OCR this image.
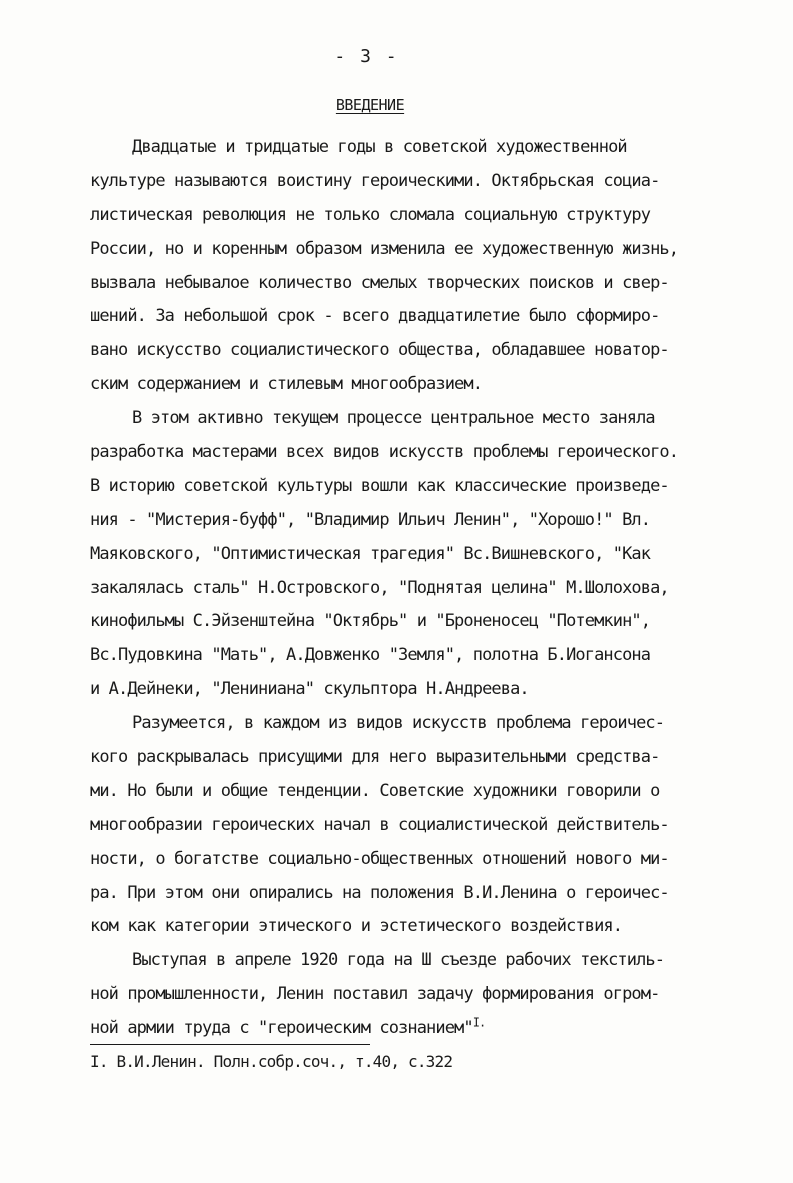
- 3 -
ВВЕДЕНИЕ
Двадцатые и тридцатые годы в советской художественной
культуре называются воистину героическими. Октябрьская социа-
листическая революция не только сломала социальную структуру
России, но и коренным образом изменила ее художественную жизнь,
вызвала небывалое количество смелых творческих поисков и свер-
шений. За небольшой срок - всего двадцатилетие было сформиро-
вано искусство социалистического общества, обладавшее новатор-
ским содержанием и стилевым многообразием.
В этом активно текущем процессе центральное место заняла
разработка мастерами всех видов искусств проблемы героического.
В историю советской культуры вошли как классические произведе-
ния - "Мистерия-буфф", "Владимир Ильич Ленин", "Хорошо!" Вл.
Маяковского, "Оптимистическая трагедия" Вс.Вишневского, "Как
закалялась сталь" Н.Островского, "Поднятая целина" М.Шолохова,
кинофильмы С.Эйзенштейна "Октябрь" и "Броненосец "Потемкин",
Вс.Пудовкина "Мать", А.Довженко "Земля", полотна Б.Иогансона
и А.Дейнеки, "Лениниана" скульптора Н.Андреева.
Разумеется, в каждом из видов искусств проблема героичес-
кого раскрывалась присущими для него выразительными средства-
ми. Но были и общие тенденции. Советские художники говорили о
многообразии героических начал в социалистической действитель-
ности, о богатстве социально-общественных отношений нового ми-
ра. При этом они опирались на положения В.И.Ленина о героичес-
ком как категории этического и эстетического воздействия.
Выступая в апреле 1920 года на Ш съезде рабочих текстиль-
ной промышленности, Ленин поставил задачу формирования огром-
ной армии труда с "героическим сознанием"$^{I.}$
I. В.И.Ленин. Полн.собр.соч., т.40, с.322
